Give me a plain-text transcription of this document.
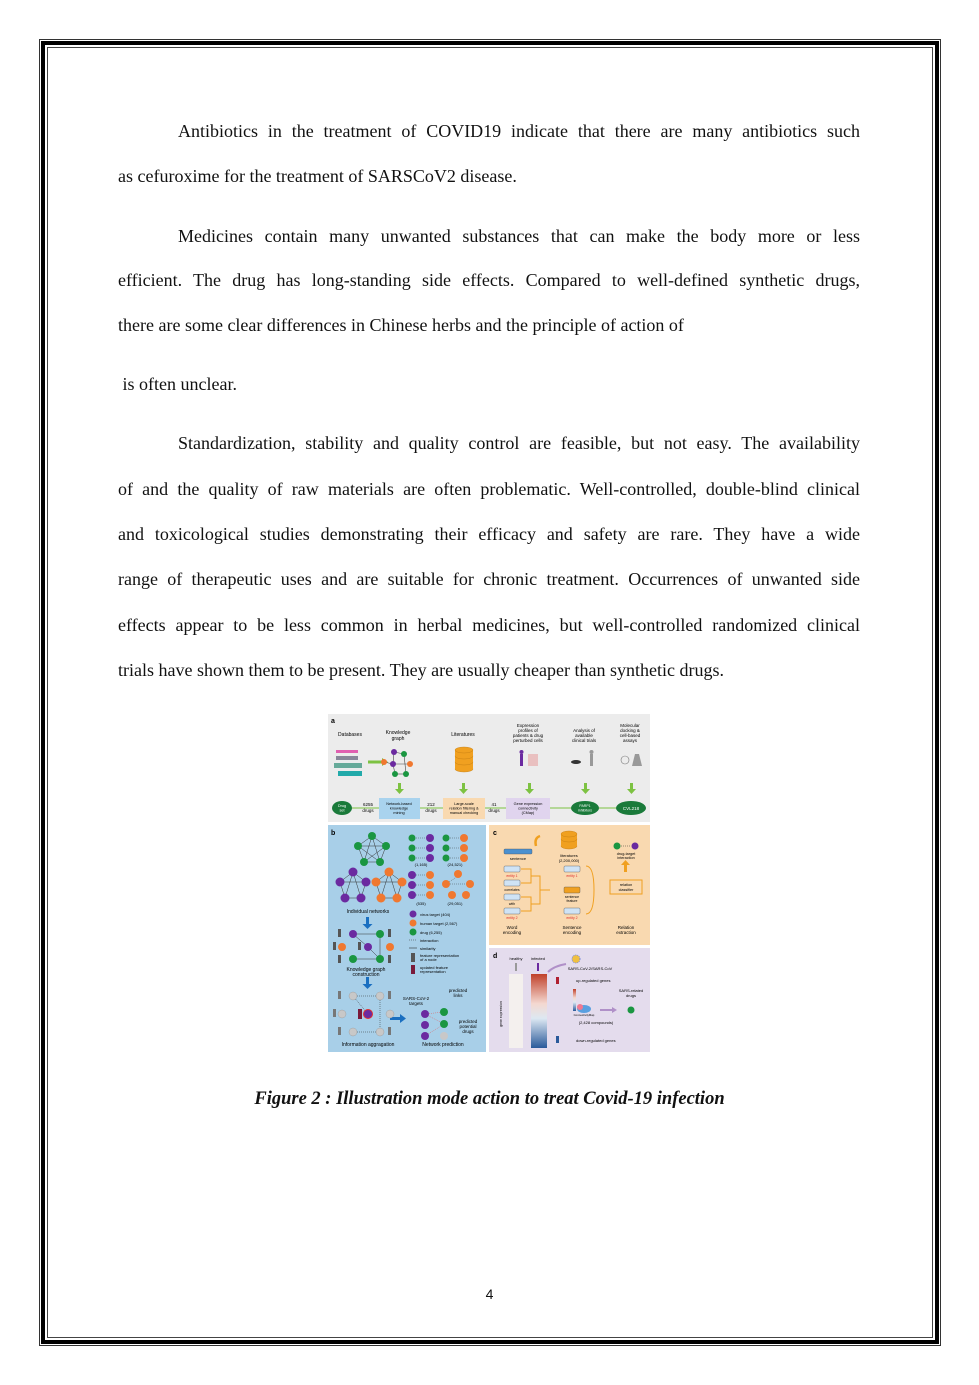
Antibiotics in the treatment of COVID19 indicate that there are many antibiotics such
as cefuroxime for the treatment of SARSCoV2 disease.
Medicines contain many unwanted substances that can make the body more or less
efficient. The drug has long-standing side effects. Compared to well-defined synthetic drugs,
there are some clear differences in Chinese herbs and the principle of action of
is often unclear.
Standardization, stability and quality control are feasible, but not easy. The availability
of and the quality of raw materials are often problematic. Well-controlled, double-blind clinical
and toxicological studies demonstrating their efficacy and safety are rare. They have a wide
range of therapeutic uses and are suitable for chronic treatment. Occurrences of unwanted side
effects appear to be less common in herbal medicines, but well-controlled randomized clinical
trials have shown them to be present. They are usually cheaper than synthetic drugs.
a
Databases	Knowledge
graph
Literatures
Expression
profiles of
patients & drug
perturbed cells
Analysis of
available
clinical trials
Molecular
docking &
cell-based
assays
Drug
set
6255
drugs
Network-based
knowledge
mining
212
drugs
Large-scale
relation filtering &
manual checking
41
drugs
Gene expression
connectivity
(CMap)
PARP1
inhibitors	CVL218
b
Individual networks
(1,165)	(24,521)
(535)	(29,051)
virus target (404)
human target (2,567)
drug (6,255)
interaction
similarity
feature representation
of a node
updated feature
representation
Knowledge graph
construction
Information aggragation
SARS-CoV-2
targets
predicted
links
predicted
potential
drugs
Network prediction
c
literatures
(2,200,000)
sentence
entity 1
correlates
with
entity 2
entity 1
sentence
feature
entity 2
relation
classifier
drug-target
interaction
Word
encoding
Sentence
encoding
Relation
extraction
d	healthy infected
gene expression
SARS-CoV-2/SARS-CoV
up-regulated genes
ConnectivityMap
(2,428 compounds)
SARS-related
drugs
down-regulated genes
Figure 2 : Illustration mode action to treat Covid-19 infection
4
